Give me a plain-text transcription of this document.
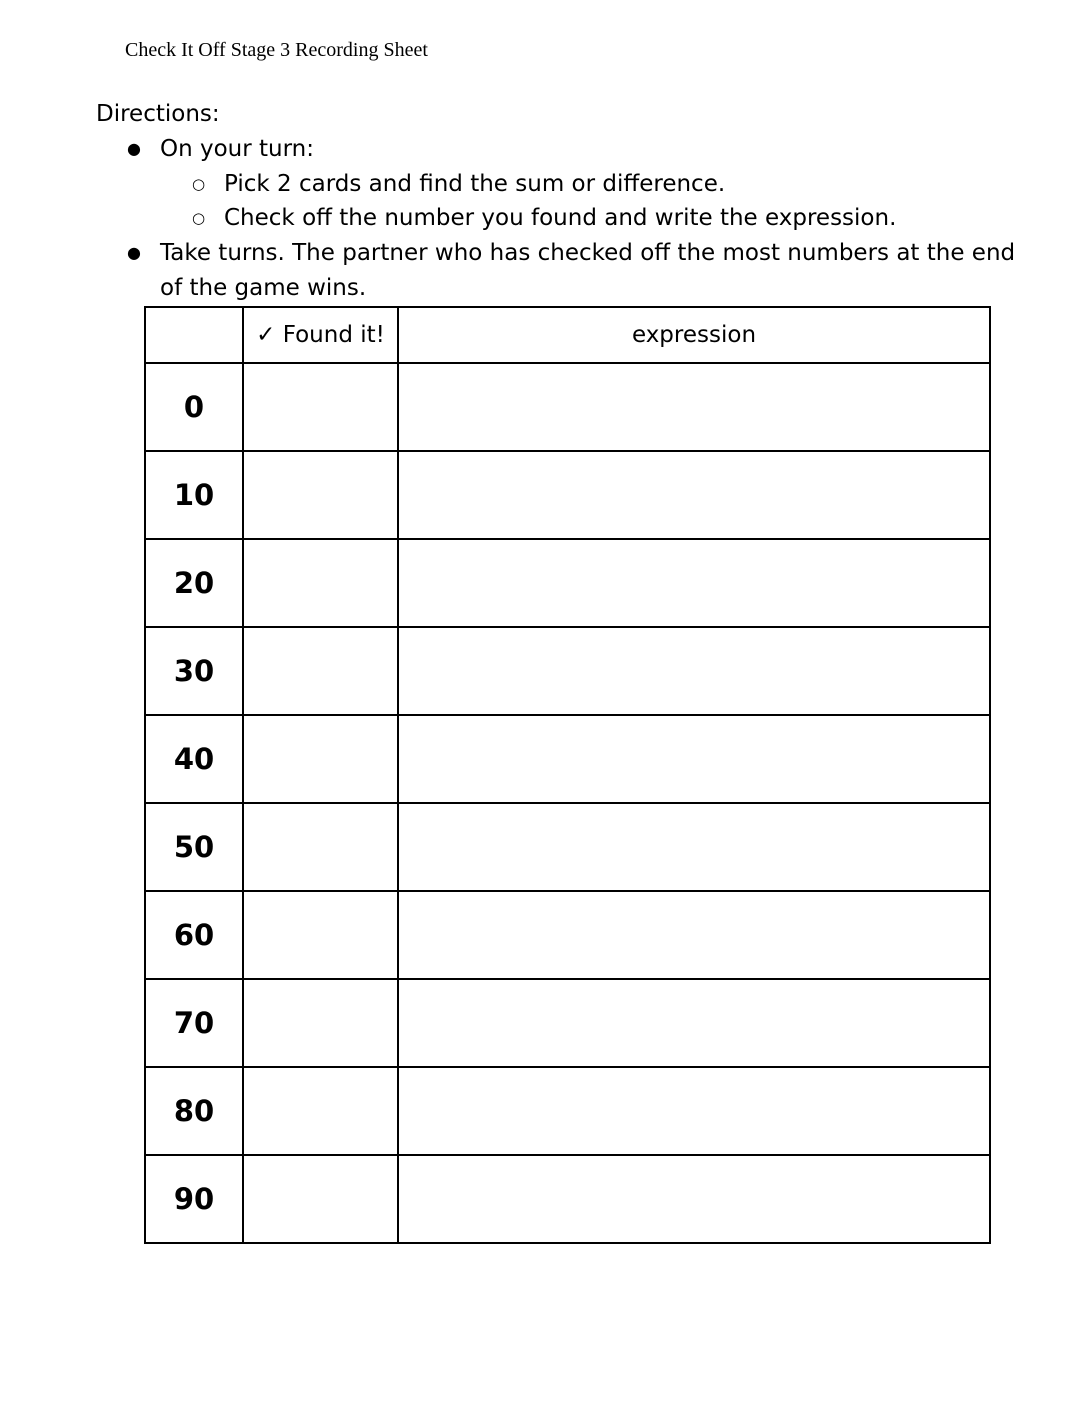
Check It Off Stage 3 Recording Sheet
Directions:
● On your turn:
○ Pick 2 cards and find the sum or difference.
○ Check off the number you found and write the expression.
● Take turns. The partner who has checked off the most numbers at the end
of the game wins.
	✓ Found it!	expression
0		
10		
20		
30		
40		
50		
60		
70		
80		
90		
